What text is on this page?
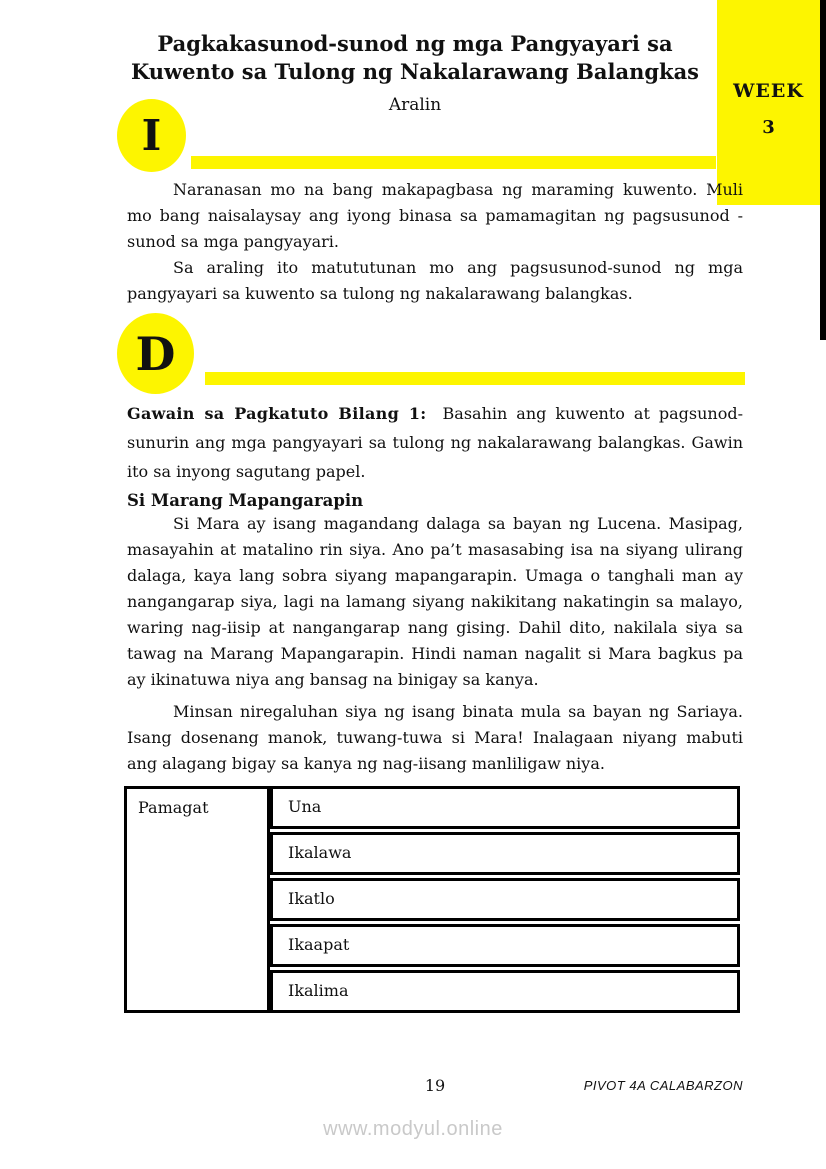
WEEK
3
Pagkakasunod-sunod ng mga Pangyayari sa
Kuwento sa Tulong ng Nakalarawang Balangkas
Aralin
I

Naranasan mo na bang makapagbasa ng maraming kuwento. Muli mo bang naisalaysay ang iyong binasa sa pamamagitan ng pagsusunod -sunod sa mga pangyayari.

Sa araling ito matututunan mo ang pagsusunod-sunod ng mga pangyayari sa kuwento sa tulong ng nakalarawang balangkas.

D

Gawain sa Pagkatuto Bilang 1: Basahin ang kuwento at pagsunod-sunurin ang mga pangyayari sa tulong ng nakalarawang balangkas. Gawin ito sa inyong sagutang papel.

Si Marang Mapangarapin

Si Mara ay isang magandang dalaga sa bayan ng Lucena. Masipag, masayahin at matalino rin siya. Ano pa’t masasabing isa na siyang ulirang dalaga, kaya lang sobra siyang mapangarapin. Umaga o tanghali man ay nangangarap siya, lagi na lamang siyang nakikitang nakatingin sa malayo, waring nag-iisip at nangangarap nang gising. Dahil dito, nakilala siya sa tawag na Marang Mapangarapin. Hindi naman nagalit si Mara bagkus pa ay ikinatuwa niya ang bansag na binigay sa kanya.

Minsan niregaluhan siya ng isang binata mula sa bayan ng Sariaya. Isang dosenang manok, tuwang-tuwa si Mara! Inalagaan niyang mabuti ang alagang bigay sa kanya ng nag-iisang manliligaw niya.

Pamagat	Una
Ikalawa
Ikatlo
Ikaapat
Ikalima
19	PIVOT 4A CALABARZON
www.modyul.online
